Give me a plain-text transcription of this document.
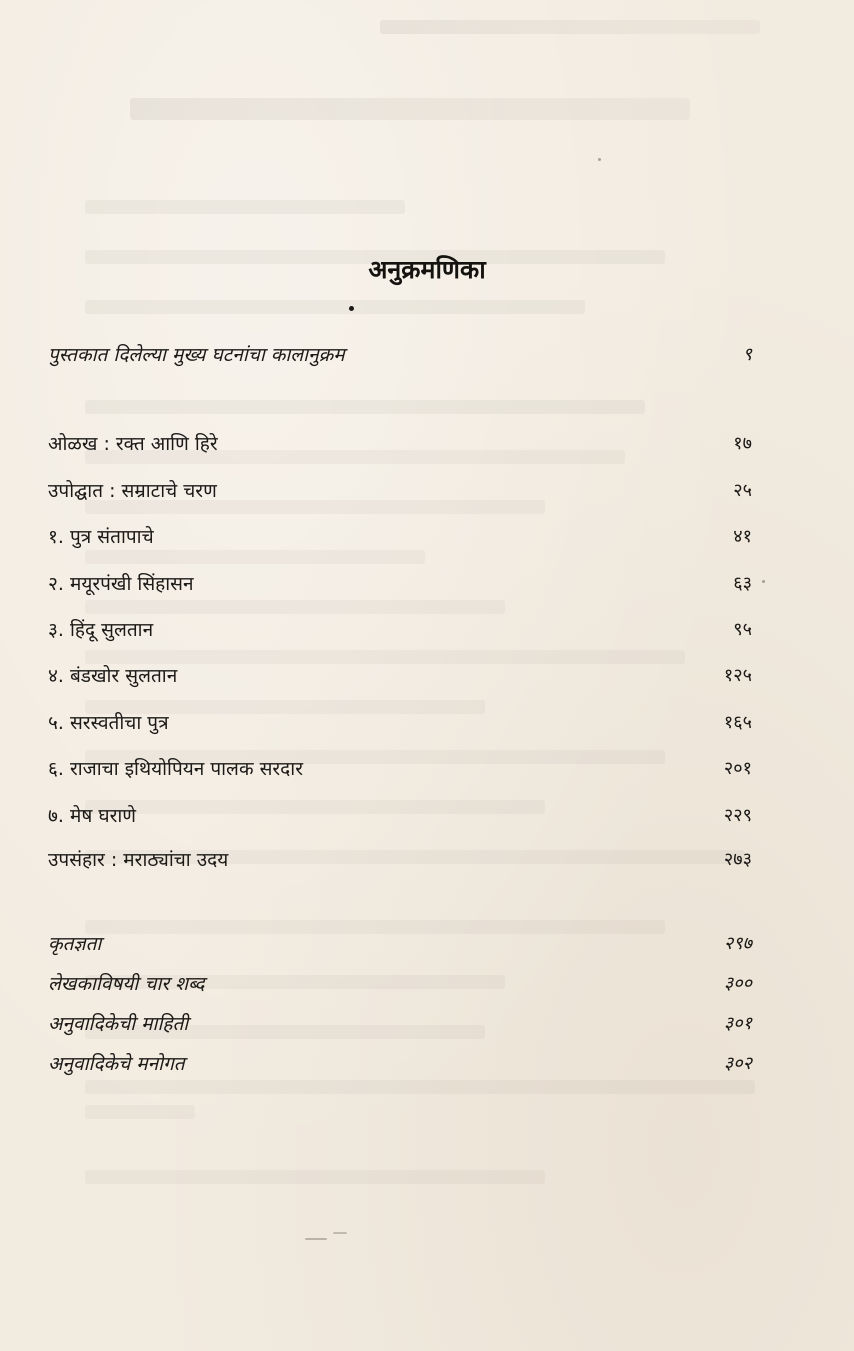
अनुक्रमणिका
पुस्तकात दिलेल्या मुख्य घटनांचा कालानुक्रम	९
ओळख : रक्त आणि हिरे	१७
उपोद्घात : सम्राटाचे चरण	२५
१. पुत्र संतापाचे	४१
२. मयूरपंखी सिंहासन	६३
३. हिंदू सुलतान	९५
४. बंडखोर सुलतान	१२५
५. सरस्वतीचा पुत्र	१६५
६. राजाचा इथियोपियन पालक सरदार	२०१
७. मेष घराणे	२२९
उपसंहार : मराठ्यांचा उदय	२७३
कृतज्ञता	२९७
लेखकाविषयी चार शब्द	३००
अनुवादिकेची माहिती	३०१
अनुवादिकेचे मनोगत	३०२
